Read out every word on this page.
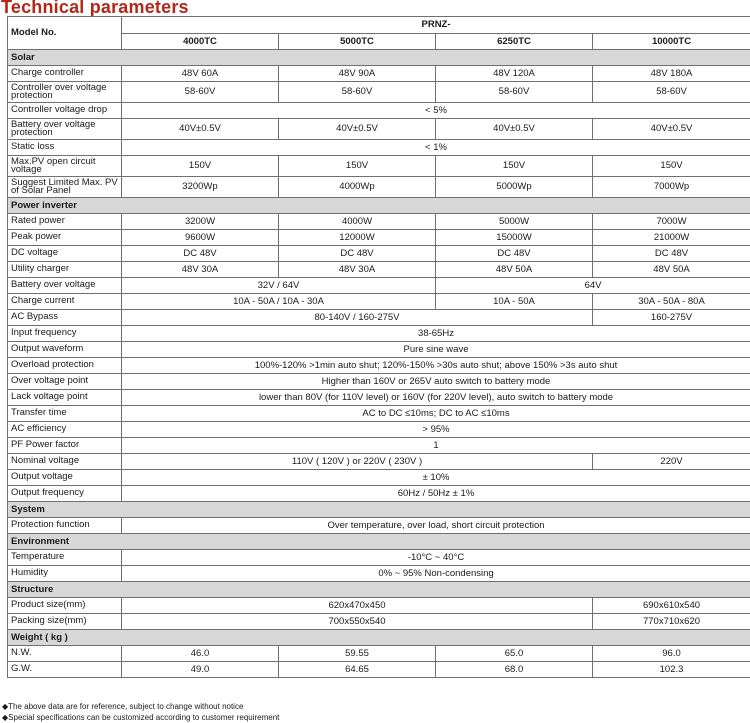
Technical parameters
Model No.	PRNZ-			
	4000TC	5000TC	6250TC	10000TC
Solar				
Charge controller	48V 60A	48V 90A	48V 120A	48V 180A
Controller over voltage protection	58-60V	58-60V	58-60V	58-60V
Controller voltage drop	< 5%			
Battery over voltage protection	40V±0.5V	40V±0.5V	40V±0.5V	40V±0.5V
Static loss	< 1%			
Max.PV open circuit voltage	150V	150V	150V	150V
Suggest Limited Max. PV of Solar Panel	3200Wp	4000Wp	5000Wp	7000Wp
Power inverter				
Rated power	3200W	4000W	5000W	7000W
Peak power	9600W	12000W	15000W	21000W
DC voltage	DC 48V	DC 48V	DC 48V	DC 48V
Utility charger	48V 30A	48V 30A	48V 50A	48V 50A
Battery over voltage	32V / 64V		64V	
Charge current	10A - 50A / 10A - 30A		10A - 50A	30A - 50A - 80A
AC Bypass	80-140V / 160-275V			160-275V
Input frequency	38-65Hz			
Output waveform	Pure sine wave			
Overload protection	100%-120% >1min auto shut; 120%-150% >30s auto shut; above 150% >3s auto shut			
Over voltage point	Higher than 160V or 265V auto switch to battery mode			
Lack voltage point	lower than 80V (for 110V level) or 160V (for 220V level), auto switch to battery mode			
Transfer time	AC to DC ≤10ms; DC to AC ≤10ms			
AC efficiency	> 95%			
PF Power factor	1			
Nominal voltage	110V ( 120V ) or 220V ( 230V )			220V
Output voltage	± 10%			
Output frequency	60Hz / 50Hz ± 1%			
System				
Protection function	Over temperature, over load, short circuit protection			
Environment				
Temperature	-10°C ~ 40°C			
Humidity	0% ~ 95% Non-condensing			
Structure				
Product size(mm)	620x470x450			690x610x540
Packing size(mm)	700x550x540			770x710x620
Weight ( kg )				
N.W.	46.0	59.55	65.0	96.0
G.W.	49.0	64.65	68.0	102.3
◆The above data are for reference, subject to change without notice
◆Special specifications can be customized according to customer requirement
